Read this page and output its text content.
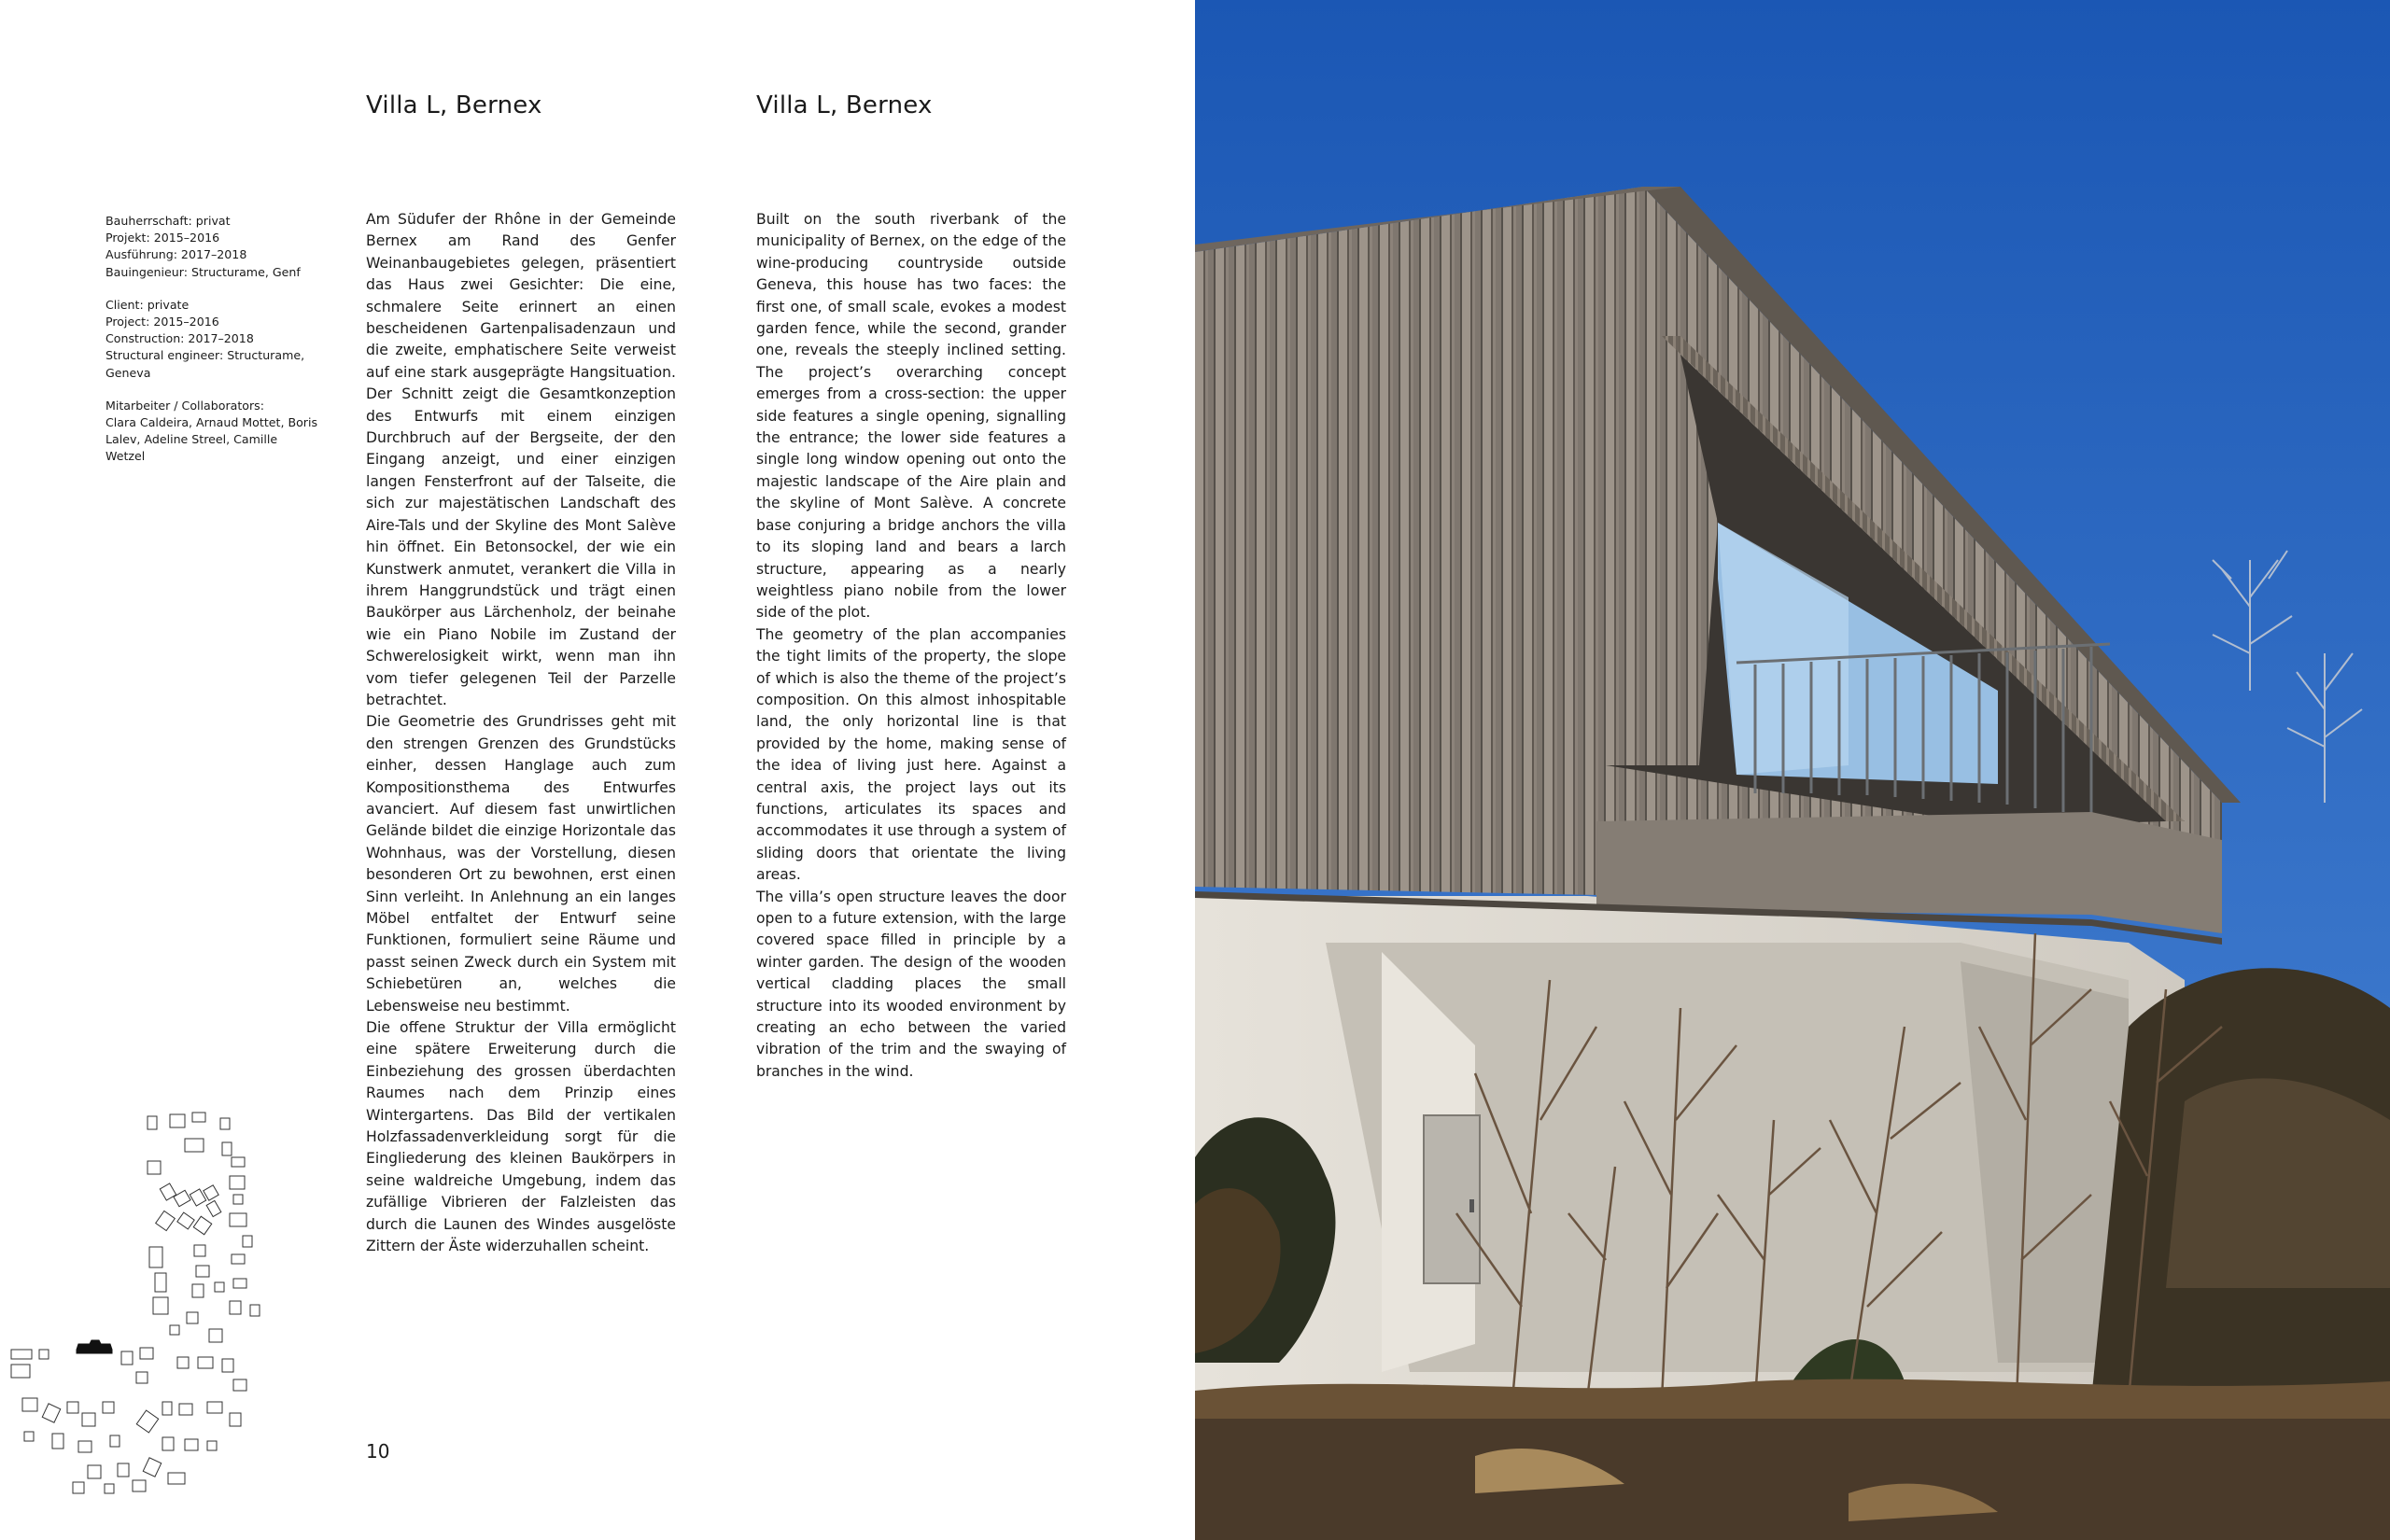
Villa L, Bernex	Villa L, Bernex
Bauherrschaft: privat
Projekt: 2015–2016
Ausführung: 2017–2018
Bauingenieur: Structurame, Genf
Client: private
Project: 2015–2016
Construction: 2017–2018
Structural engineer: Structurame,
Geneva
Mitarbeiter / Collaborators:
Clara Caldeira, Arnaud Mottet, Boris
Lalev, Adeline Streel, Camille Wetzel

Am Südufer der Rhône in der Gemeinde Bernex am Rand des Genfer Weinanbaugebietes gelegen, präsentiert das Haus zwei Gesichter: Die eine, schmalere Seite erinnert an einen bescheidenen Gartenpalisadenzaun und die zweite, emphatischere Seite verweist auf eine stark ausgeprägte Hangsituation. Der Schnitt zeigt die Gesamtkonzeption des Entwurfs mit einem einzigen Durchbruch auf der Bergseite, der den Eingang anzeigt, und einer einzigen langen Fensterfront auf der Talseite, die sich zur majestätischen Landschaft des Aire-Tals und der Skyline des Mont Salève hin öffnet. Ein Betonsockel, der wie ein Kunstwerk anmutet, verankert die Villa in ihrem Hanggrundstück und trägt einen Baukörper aus Lärchenholz, der beinahe wie ein Piano Nobile im Zustand der Schwerelosigkeit wirkt, wenn man ihn vom tiefer gelegenen Teil der Parzelle betrachtet.

Die Geometrie des Grundrisses geht mit den strengen Grenzen des Grundstücks einher, dessen Hanglage auch zum Kompositionsthema des Entwurfes avanciert. Auf diesem fast unwirtlichen Gelände bildet die einzige Horizontale das Wohnhaus, was der Vorstellung, diesen besonderen Ort zu bewohnen, erst einen Sinn verleiht. In Anlehnung an ein langes Möbel entfaltet der Entwurf seine Funktionen, formuliert seine Räume und passt seinen Zweck durch ein System mit Schiebetüren an, welches die Lebensweise neu bestimmt.

Die offene Struktur der Villa ermöglicht eine spätere Erweiterung durch die Einbeziehung des grossen überdachten Raumes nach dem Prinzip eines Wintergartens. Das Bild der vertikalen Holzfassadenverkleidung sorgt für die Eingliederung des kleinen Baukörpers in seine waldreiche Umgebung, indem das zufällige Vibrieren der Falzleisten das durch die Launen des Windes ausgelöste Zittern der Äste widerzuhallen scheint.

Built on the south riverbank of the municipality of Bernex, on the edge of the wine-producing countryside outside Geneva, this house has two faces: the first one, of small scale, evokes a modest garden fence, while the second, grander one, reveals the steeply inclined setting. The project’s overarching concept emerges from a cross-section: the upper side features a single opening, signalling the entrance; the lower side features a single long window opening out onto the majestic landscape of the Aire plain and the skyline of Mont Salève. A concrete base conjuring a bridge anchors the villa to its sloping land and bears a larch structure, appearing as a nearly weightless piano nobile from the lower side of the plot.

The geometry of the plan accompanies the tight limits of the property, the slope of which is also the theme of the project’s composition. On this almost inhospitable land, the only horizontal line is that provided by the home, making sense of the idea of living just here. Against a central axis, the project lays out its functions, articulates its spaces and accommodates it use through a system of sliding doors that orientate the living areas.

The villa’s open structure leaves the door open to a future extension, with the large covered space filled in principle by a winter garden. The design of the wooden vertical cladding places the small structure into its wooded environment by creating an echo between the varied vibration of the trim and the swaying of branches in the wind.

10
